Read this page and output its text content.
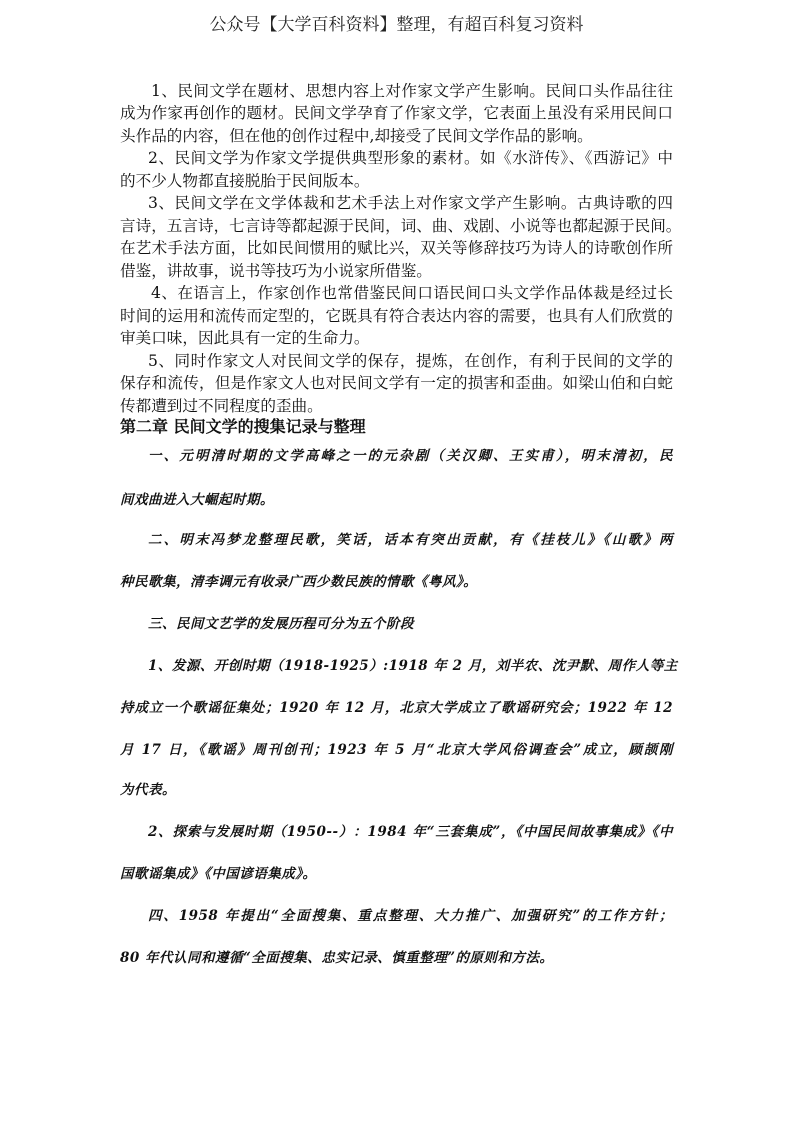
公众号【大学百科资料】整理，有超百科复习资料
1、民间文学在题材、思想内容上对作家文学产生影响。民间口头作品往往
成为作家再创作的题材。民间文学孕育了作家文学，它表面上虽没有采用民间口
头作品的内容，但在他的创作过程中,却接受了民间文学作品的影响。
2、民间文学为作家文学提供典型形象的素材。如《水浒传》、《西游记》中
的不少人物都直接脱胎于民间版本。
3、民间文学在文学体裁和艺术手法上对作家文学产生影响。古典诗歌的四
言诗，五言诗，七言诗等都起源于民间，词、曲、戏剧、小说等也都起源于民间。
在艺术手法方面，比如民间惯用的赋比兴，双关等修辞技巧为诗人的诗歌创作所
借鉴，讲故事，说书等技巧为小说家所借鉴。
4、在语言上，作家创作也常借鉴民间口语民间口头文学作品体裁是经过长
时间的运用和流传而定型的，它既具有符合表达内容的需要，也具有人们欣赏的
审美口味，因此具有一定的生命力。
5、同时作家文人对民间文学的保存，提炼，在创作，有利于民间的文学的
保存和流传，但是作家文人也对民间文学有一定的损害和歪曲。如梁山伯和白蛇
传都遭到过不同程度的歪曲。
第二章 民间文学的搜集记录与整理
一、元明清时期的文学高峰之一的元杂剧（关汉卿、王实甫），明末清初，民
间戏曲进入大崛起时期。
二、明末冯梦龙整理民歌，笑话，话本有突出贡献，有《挂枝儿》《山歌》两
种民歌集，清李调元有收录广西少数民族的情歌《粤风》。
三、民间文艺学的发展历程可分为五个阶段
1、发源、开创时期（1918-1925）:1918 年 2 月，刘半农、沈尹默、周作人等主
持成立一个歌谣征集处；1920 年 12 月，北京大学成立了歌谣研究会；1922 年 12
月 17 日，《歌谣》周刊创刊；1923 年 5 月“北京大学风俗调查会”成立，顾颉刚
为代表。
2、探索与发展时期（1950--）：1984 年“三套集成”，《中国民间故事集成》《中
国歌谣集成》《中国谚语集成》。
四、1958 年提出“全面搜集、重点整理、大力推广、加强研究”的工作方针；
80 年代认同和遵循“全面搜集、忠实记录、慎重整理”的原则和方法。
